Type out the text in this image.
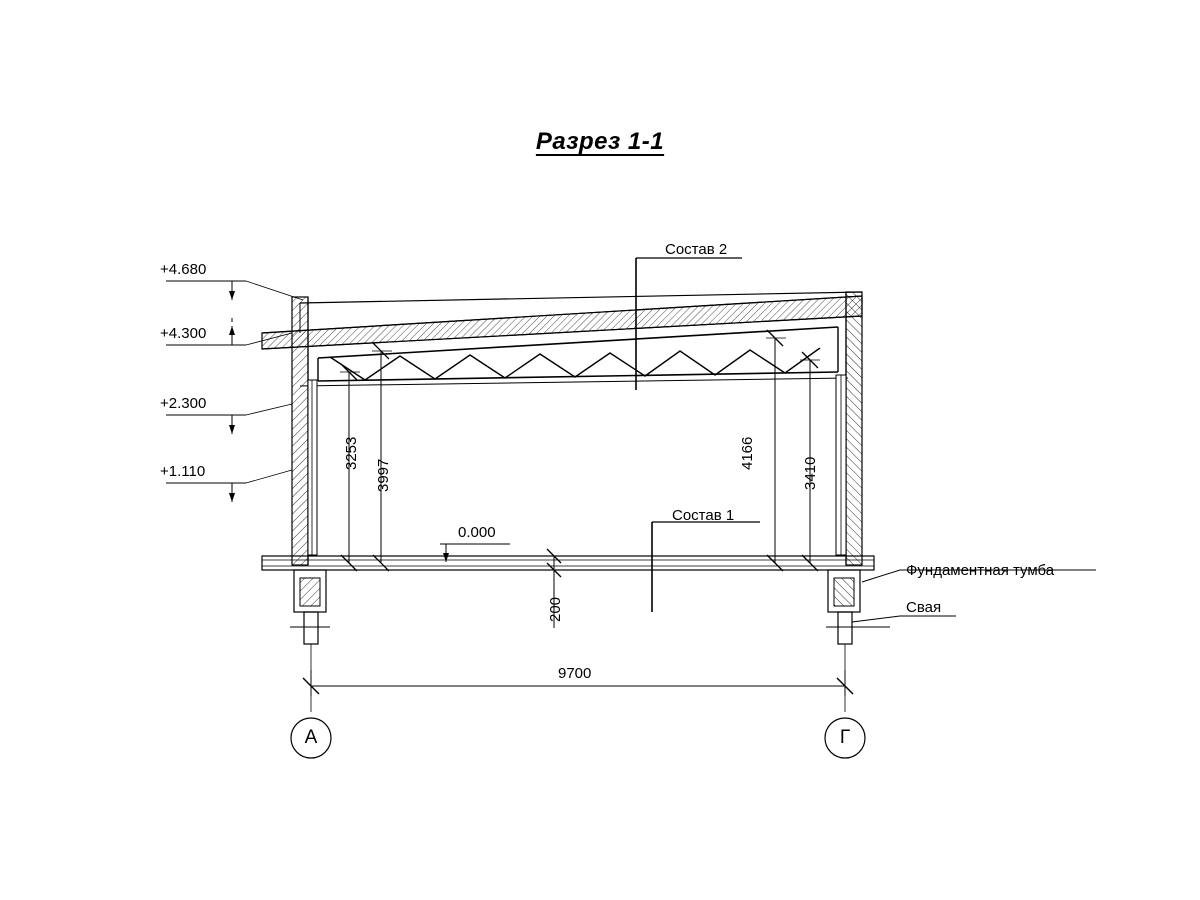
Разрез 1-1
+4.680
+4.300
+2.300
+1.110
0.000
Состав 2
Состав 1
Фундаментная тумба
Свая
3253
3997
4166
3410
200
9700
А	Г
